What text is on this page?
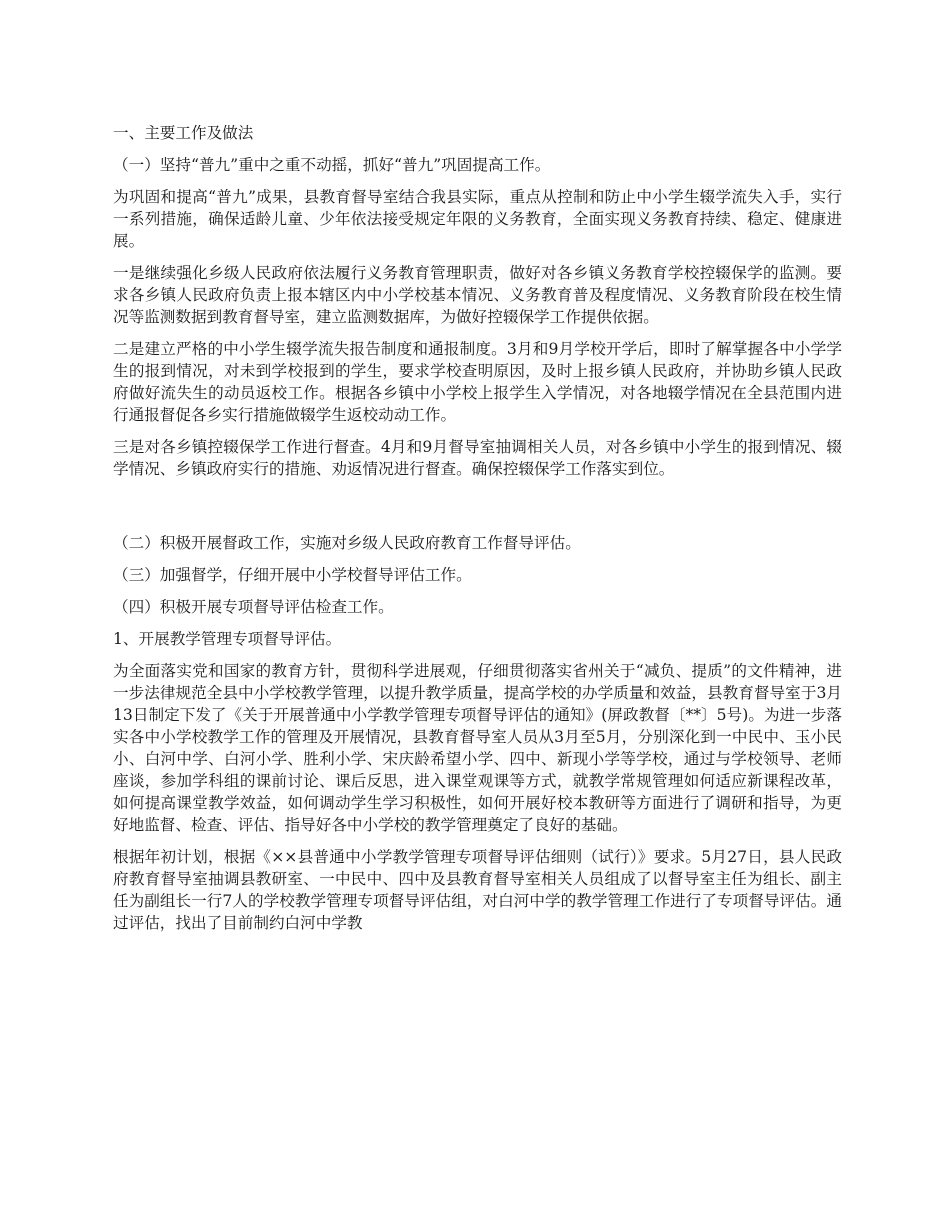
一、主要工作及做法

（一）坚持“普九”重中之重不动摇，抓好“普九”巩固提高工作。

为巩固和提高“普九”成果，县教育督导室结合我县实际，重点从控制和防止中小学生辍学流失入手，实行一系列措施，确保适龄儿童、少年依法接受规定年限的义务教育，全面实现义务教育持续、稳定、健康进展。

一是继续强化乡级人民政府依法履行义务教育管理职责，做好对各乡镇义务教育学校控辍保学的监测。要求各乡镇人民政府负责上报本辖区内中小学校基本情况、义务教育普及程度情况、义务教育阶段在校生情况等监测数据到教育督导室，建立监测数据库，为做好控辍保学工作提供依据。

二是建立严格的中小学生辍学流失报告制度和通报制度。3月和9月学校开学后，即时了解掌握各中小学学生的报到情况，对未到学校报到的学生，要求学校查明原因，及时上报乡镇人民政府，并协助乡镇人民政府做好流失生的动员返校工作。根据各乡镇中小学校上报学生入学情况，对各地辍学情况在全县范围内进行通报督促各乡实行措施做辍学生返校动动工作。

三是对各乡镇控辍保学工作进行督查。4月和9月督导室抽调相关人员，对各乡镇中小学生的报到情况、辍学情况、乡镇政府实行的措施、劝返情况进行督查。确保控辍保学工作落实到位。

（二）积极开展督政工作，实施对乡级人民政府教育工作督导评估。

（三）加强督学，仔细开展中小学校督导评估工作。

（四）积极开展专项督导评估检查工作。

1、开展教学管理专项督导评估。

为全面落实党和国家的教育方针，贯彻科学进展观，仔细贯彻落实省州关于“减负、提质”的文件精神，进一步法律规范全县中小学校教学管理，以提升教学质量，提高学校的办学质量和效益，县教育督导室于3月13日制定下发了《关于开展普通中小学教学管理专项督导评估的通知》(屏政教督〔**〕5号)。为进一步落实各中小学校教学工作的管理及开展情况，县教育督导室人员从3月至5月，分别深化到一中民中、玉小民小、白河中学、白河小学、胜利小学、宋庆龄希望小学、四中、新现小学等学校，通过与学校领导、老师座谈，参加学科组的课前讨论、课后反思，进入课堂观课等方式，就教学常规管理如何适应新课程改革，如何提高课堂教学效益，如何调动学生学习积极性，如何开展好校本教研等方面进行了调研和指导，为更好地监督、检查、评估、指导好各中小学校的教学管理奠定了良好的基础。

根据年初计划，根据《××县普通中小学教学管理专项督导评估细则（试行）》要求。5月27日，县人民政府教育督导室抽调县教研室、一中民中、四中及县教育督导室相关人员组成了以督导室主任为组长、副主任为副组长一行7人的学校教学管理专项督导评估组，对白河中学的教学管理工作进行了专项督导评估。通过评估，找出了目前制约白河中学教
